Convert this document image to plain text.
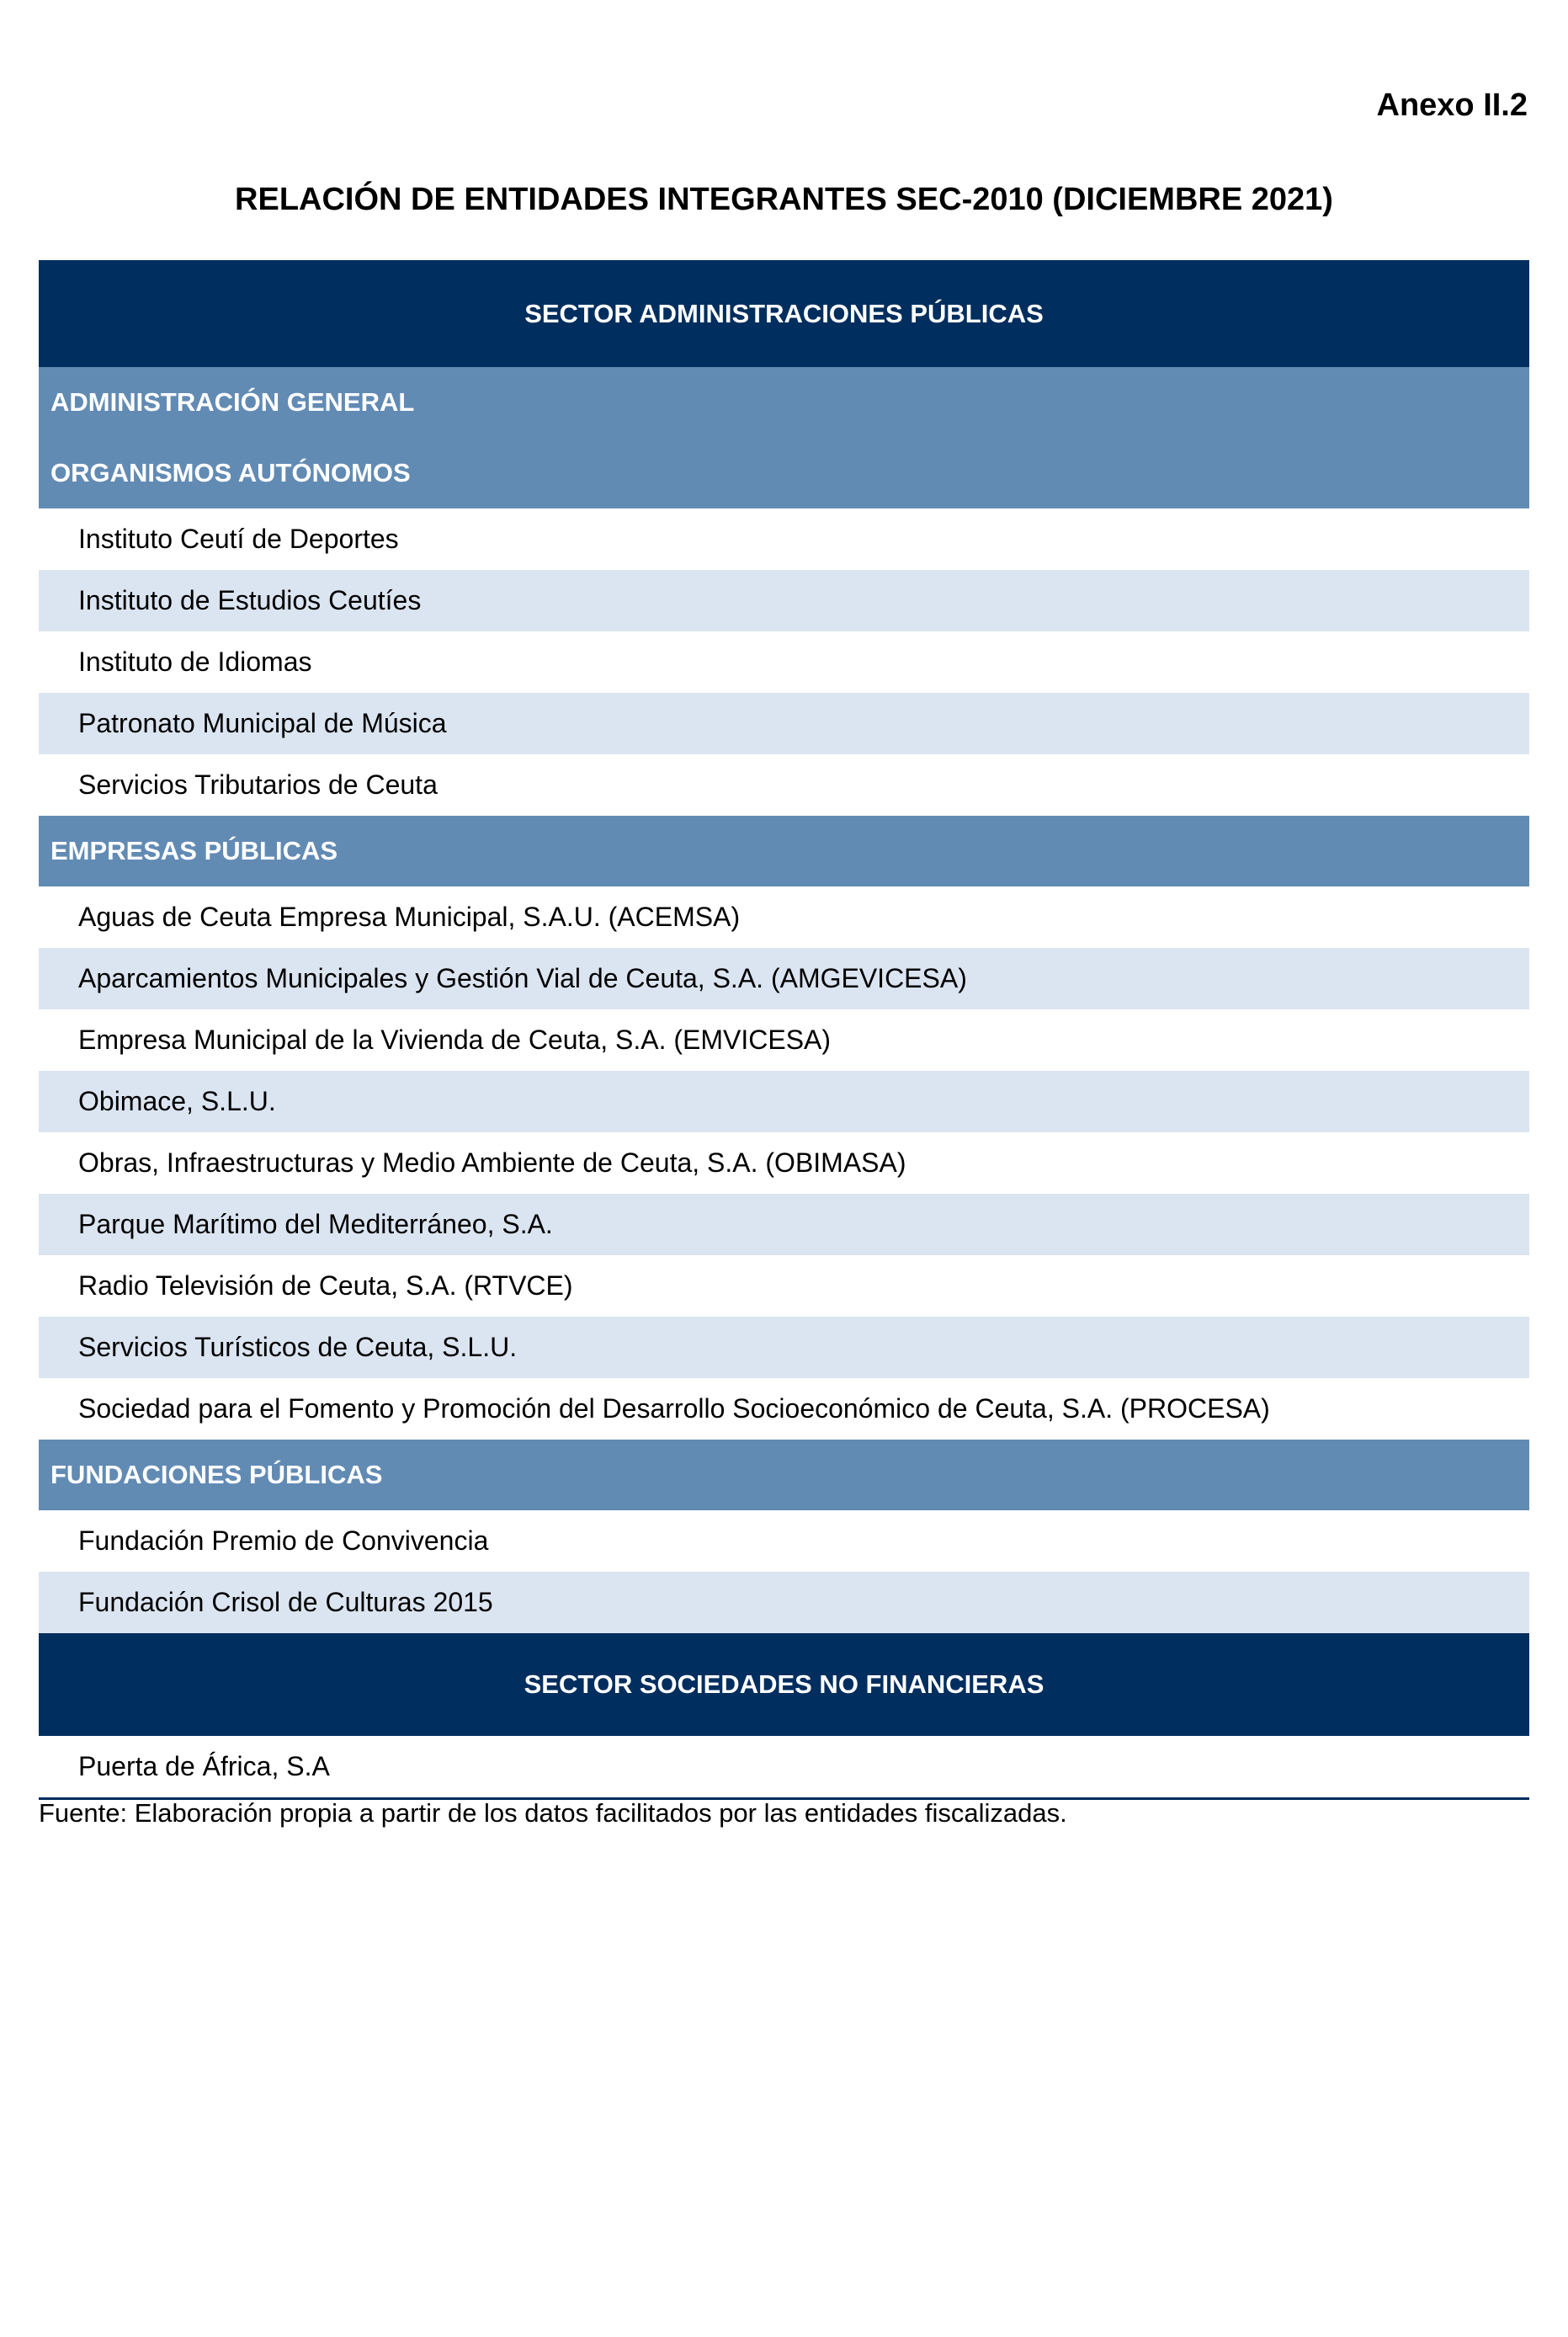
Anexo II.2
RELACIÓN DE ENTIDADES INTEGRANTES SEC-2010 (DICIEMBRE 2021)
SECTOR ADMINISTRACIONES PÚBLICAS
ADMINISTRACIÓN GENERAL
ORGANISMOS AUTÓNOMOS
Instituto Ceutí de Deportes
Instituto de Estudios Ceutíes
Instituto de Idiomas
Patronato Municipal de Música
Servicios Tributarios de Ceuta
EMPRESAS PÚBLICAS
Aguas de Ceuta Empresa Municipal, S.A.U. (ACEMSA)
Aparcamientos Municipales y Gestión Vial de Ceuta, S.A. (AMGEVICESA)
Empresa Municipal de la Vivienda de Ceuta, S.A. (EMVICESA)
Obimace, S.L.U.
Obras, Infraestructuras y Medio Ambiente de Ceuta, S.A. (OBIMASA)
Parque Marítimo del Mediterráneo, S.A.
Radio Televisión de Ceuta, S.A. (RTVCE)
Servicios Turísticos de Ceuta, S.L.U.
Sociedad para el Fomento y Promoción del Desarrollo Socioeconómico de Ceuta, S.A. (PROCESA)
FUNDACIONES PÚBLICAS
Fundación Premio de Convivencia
Fundación Crisol de Culturas 2015
SECTOR SOCIEDADES NO FINANCIERAS
Puerta de África, S.A
Fuente: Elaboración propia a partir de los datos facilitados por las entidades fiscalizadas.
